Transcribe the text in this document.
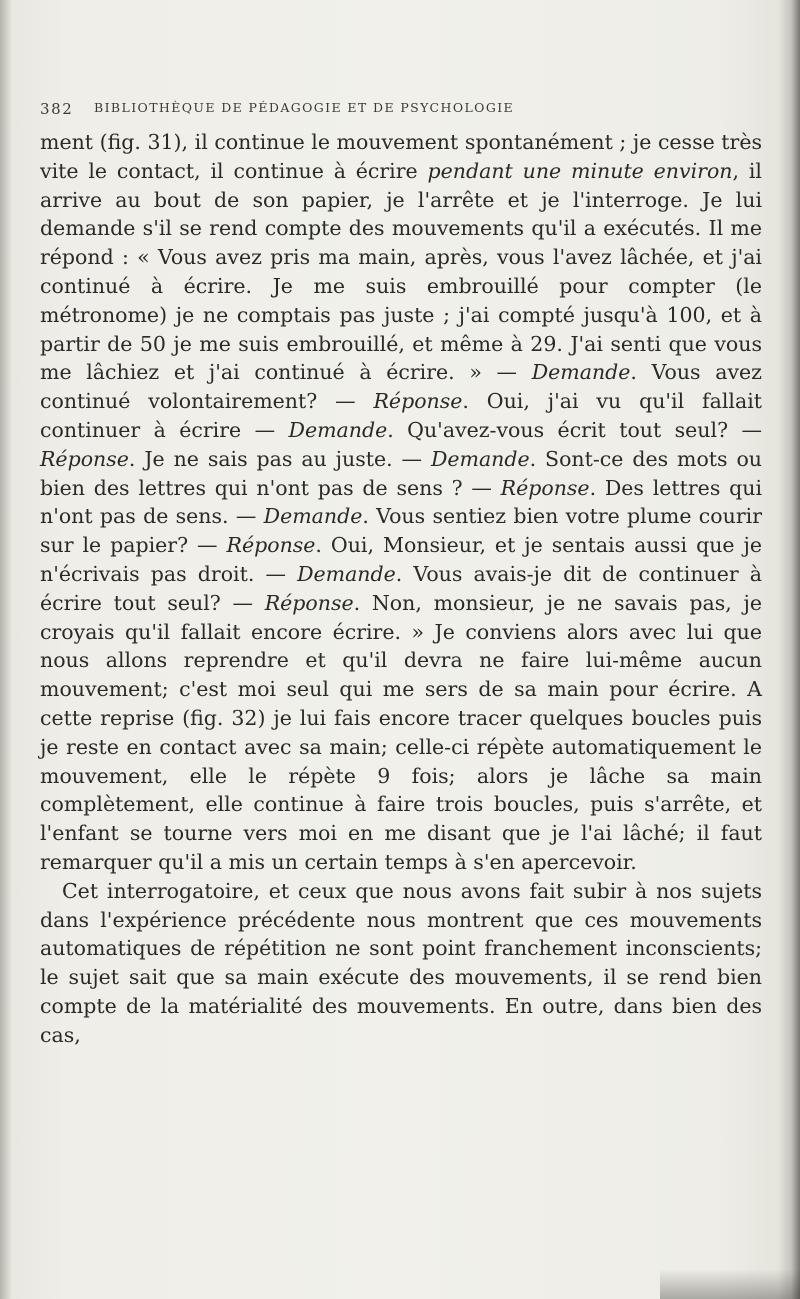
382 BIBLIOTHÈQUE DE PÉDAGOGIE ET DE PSYCHOLOGIE

ment (fig. 31), il continue le mouvement spontanément ; je cesse très vite le contact, il continue à écrire pendant une minute environ, il arrive au bout de son papier, je l'arrête et je l'interroge. Je lui demande s'il se rend compte des mouvements qu'il a exécutés. Il me répond : « Vous avez pris ma main, après, vous l'avez lâchée, et j'ai continué à écrire. Je me suis embrouillé pour compter (le métronome) je ne comptais pas juste ; j'ai compté jusqu'à 100, et à partir de 50 je me suis embrouillé, et même à 29. J'ai senti que vous me lâchiez et j'ai continué à écrire. » — Demande. Vous avez continué volontairement? — Réponse. Oui, j'ai vu qu'il fallait continuer à écrire — Demande. Qu'avez-vous écrit tout seul? — Réponse. Je ne sais pas au juste. — Demande. Sont-ce des mots ou bien des lettres qui n'ont pas de sens ? — Réponse. Des lettres qui n'ont pas de sens. — Demande. Vous sentiez bien votre plume courir sur le papier? — Réponse. Oui, Monsieur, et je sentais aussi que je n'écrivais pas droit. — Demande. Vous avais-je dit de continuer à écrire tout seul? — Réponse. Non, monsieur, je ne savais pas, je croyais qu'il fallait encore écrire. » Je conviens alors avec lui que nous allons reprendre et qu'il devra ne faire lui-même aucun mouvement; c'est moi seul qui me sers de sa main pour écrire. A cette reprise (fig. 32) je lui fais encore tracer quelques boucles puis je reste en contact avec sa main; celle-ci répète automatiquement le mouvement, elle le répète 9 fois; alors je lâche sa main complètement, elle continue à faire trois boucles, puis s'arrête, et l'enfant se tourne vers moi en me disant que je l'ai lâché; il faut remarquer qu'il a mis un certain temps à s'en apercevoir.

Cet interrogatoire, et ceux que nous avons fait subir à nos sujets dans l'expérience précédente nous montrent que ces mouvements automatiques de répétition ne sont point franchement inconscients; le sujet sait que sa main exécute des mouvements, il se rend bien compte de la matérialité des mouvements. En outre, dans bien des cas,
